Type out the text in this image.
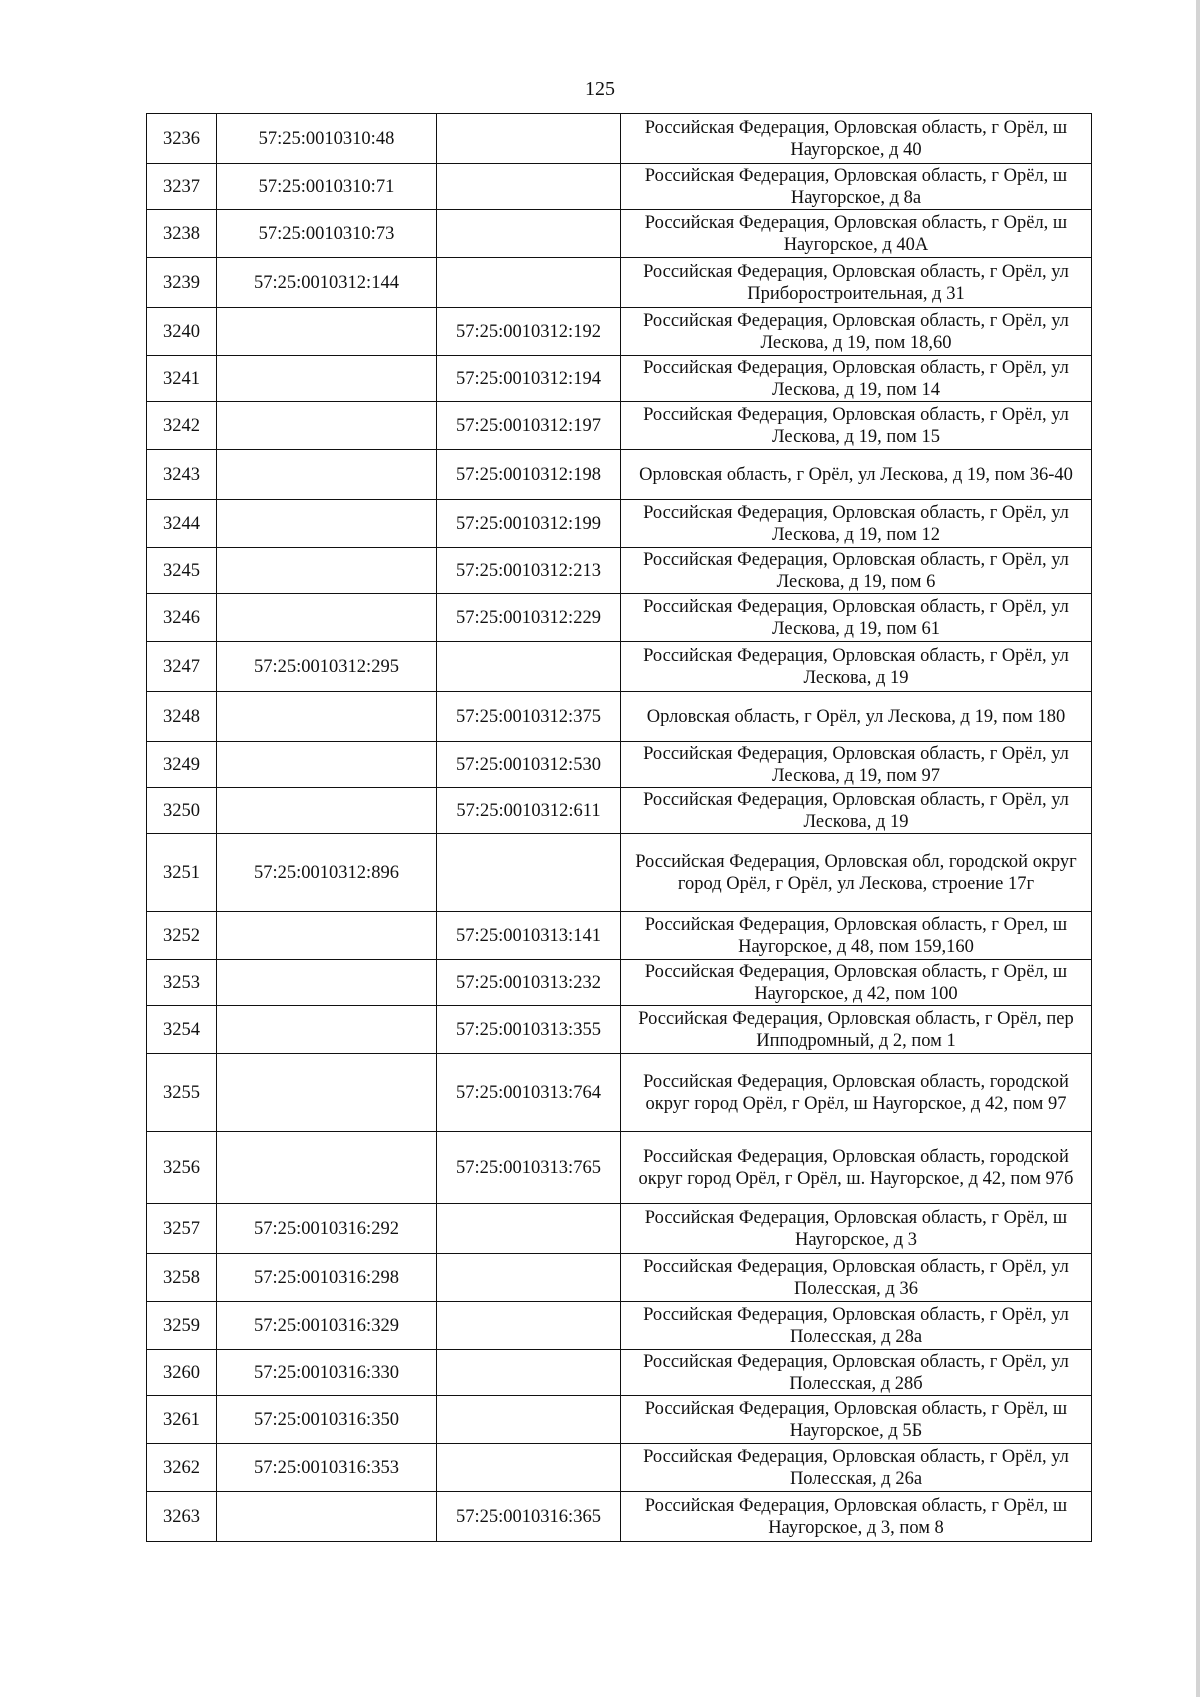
125
3236	57:25:0010310:48		Российская Федерация, Орловская область, г Орёл, ш Наугорское, д 40
3237	57:25:0010310:71		Российская Федерация, Орловская область, г Орёл, ш Наугорское, д 8а
3238	57:25:0010310:73		Российская Федерация, Орловская область, г Орёл, ш Наугорское, д 40А
3239	57:25:0010312:144		Российская Федерация, Орловская область, г Орёл, ул Приборостроительная, д 31
3240		57:25:0010312:192	Российская Федерация, Орловская область, г Орёл, ул Лескова, д 19, пом 18,60
3241		57:25:0010312:194	Российская Федерация, Орловская область, г Орёл, ул Лескова, д 19, пом 14
3242		57:25:0010312:197	Российская Федерация, Орловская область, г Орёл, ул Лескова, д 19, пом 15
3243		57:25:0010312:198	Орловская область, г Орёл, ул Лескова, д 19, пом 36-40
3244		57:25:0010312:199	Российская Федерация, Орловская область, г Орёл, ул Лескова, д 19, пом 12
3245		57:25:0010312:213	Российская Федерация, Орловская область, г Орёл, ул Лескова, д 19, пом 6
3246		57:25:0010312:229	Российская Федерация, Орловская область, г Орёл, ул Лескова, д 19, пом 61
3247	57:25:0010312:295		Российская Федерация, Орловская область, г Орёл, ул Лескова, д 19
3248		57:25:0010312:375	Орловская область, г Орёл, ул Лескова, д 19, пом 180
3249		57:25:0010312:530	Российская Федерация, Орловская область, г Орёл, ул Лескова, д 19, пом 97
3250		57:25:0010312:611	Российская Федерация, Орловская область, г Орёл, ул Лескова, д 19
3251	57:25:0010312:896		Российская Федерация, Орловская обл, городской округ город Орёл, г Орёл, ул Лескова, строение 17г
3252		57:25:0010313:141	Российская Федерация, Орловская область, г Орел, ш Наугорское, д 48, пом 159,160
3253		57:25:0010313:232	Российская Федерация, Орловская область, г Орёл, ш Наугорское, д 42, пом 100
3254		57:25:0010313:355	Российская Федерация, Орловская область, г Орёл, пер Ипподромный, д 2, пом 1
3255		57:25:0010313:764	Российская Федерация, Орловская область, городской округ город Орёл, г Орёл, ш Наугорское, д 42, пом 97
3256		57:25:0010313:765	Российская Федерация, Орловская область, городской округ город Орёл, г Орёл, ш. Наугорское, д 42, пом 97б
3257	57:25:0010316:292		Российская Федерация, Орловская область, г Орёл, ш Наугорское, д 3
3258	57:25:0010316:298		Российская Федерация, Орловская область, г Орёл, ул Полесская, д 36
3259	57:25:0010316:329		Российская Федерация, Орловская область, г Орёл, ул Полесская, д 28а
3260	57:25:0010316:330		Российская Федерация, Орловская область, г Орёл, ул Полесская, д 28б
3261	57:25:0010316:350		Российская Федерация, Орловская область, г Орёл, ш Наугорское, д 5Б
3262	57:25:0010316:353		Российская Федерация, Орловская область, г Орёл, ул Полесская, д 26а
3263		57:25:0010316:365	Российская Федерация, Орловская область, г Орёл, ш Наугорское, д 3, пом 8
